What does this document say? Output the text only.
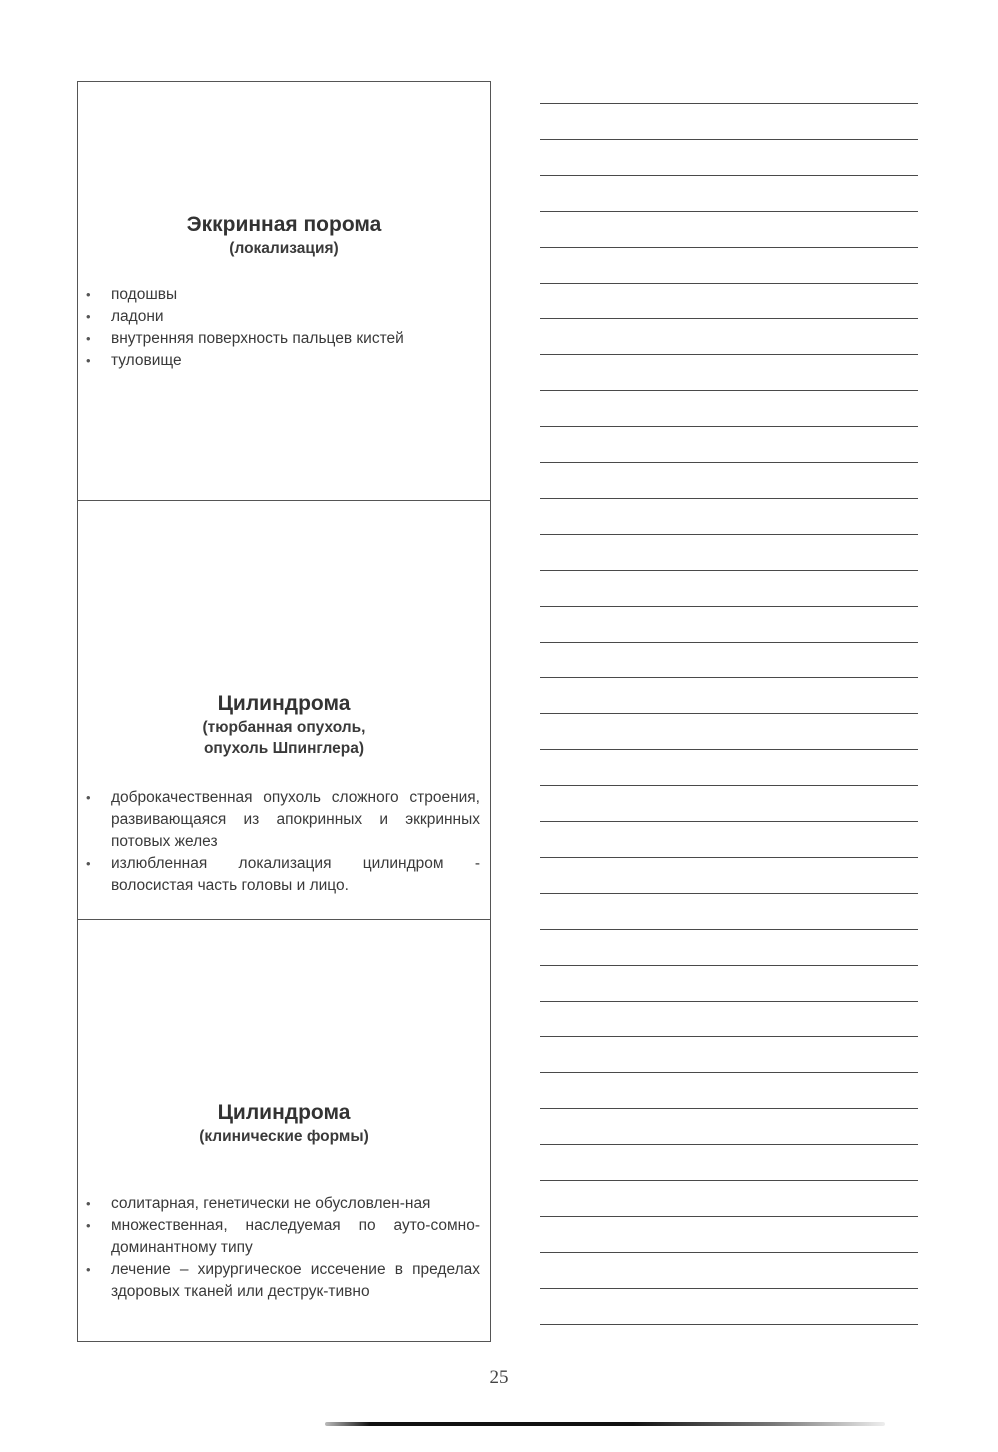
Эккринная порома

(локализация)

• подошвы
• ладони
• внутренняя поверхность пальцев кистей
• туловище
Цилиндрома

(тюрбанная опухоль,
опухоль Шпинглера)

• доброкачественная опухоль сложного строения, развивающаяся из апокринных и эккринных потовых желез
• излюбленная локализация цилиндром - волосистая часть головы и лицо.
Цилиндрома

(клинические формы)

• солитарная, генетически не обусловлен-ная
• множественная, наследуемая по ауто-сомно-доминантному типу
• лечение – хирургическое иссечение в пределах здоровых тканей или деструк-тивно
25
